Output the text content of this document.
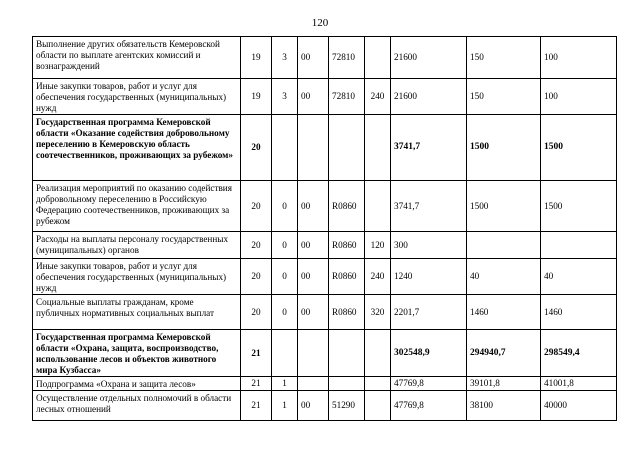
120
Выполнение других обязательств Кемеровской области по выплате агентских комиссий и вознаграждений	19	3	00	72810		21600	150	100
Иные закупки товаров, работ и услуг для обеспечения государственных (муниципальных) нужд	19	3	00	72810	240	21600	150	100
Государственная программа Кемеровской области «Оказание содействия добровольному переселению в Кемеровскую область соотечественников, проживающих за рубежом»	20					3741,7	1500	1500
Реализация мероприятий по оказанию содействия добровольному переселению в Российскую Федерацию соотечественников, проживающих за рубежом	20	0	00	R0860		3741,7	1500	1500
Расходы на выплаты персоналу государственных (муниципальных) органов	20	0	00	R0860	120	300		
Иные закупки товаров, работ и услуг для обеспечения государственных (муниципальных) нужд	20	0	00	R0860	240	1240	40	40
Социальные выплаты гражданам, кроме публичных нормативных социальных выплат	20	0	00	R0860	320	2201,7	1460	1460
Государственная программа Кемеровской области «Охрана, защита, воспроизводство, использование лесов и объектов животного мира Кузбасса»	21					302548,9	294940,7	298549,4
Подпрограмма «Охрана и защита лесов»	21	1				47769,8	39101,8	41001,8
Осуществление отдельных полномочий в области лесных отношений	21	1	00	51290		47769,8	38100	40000
